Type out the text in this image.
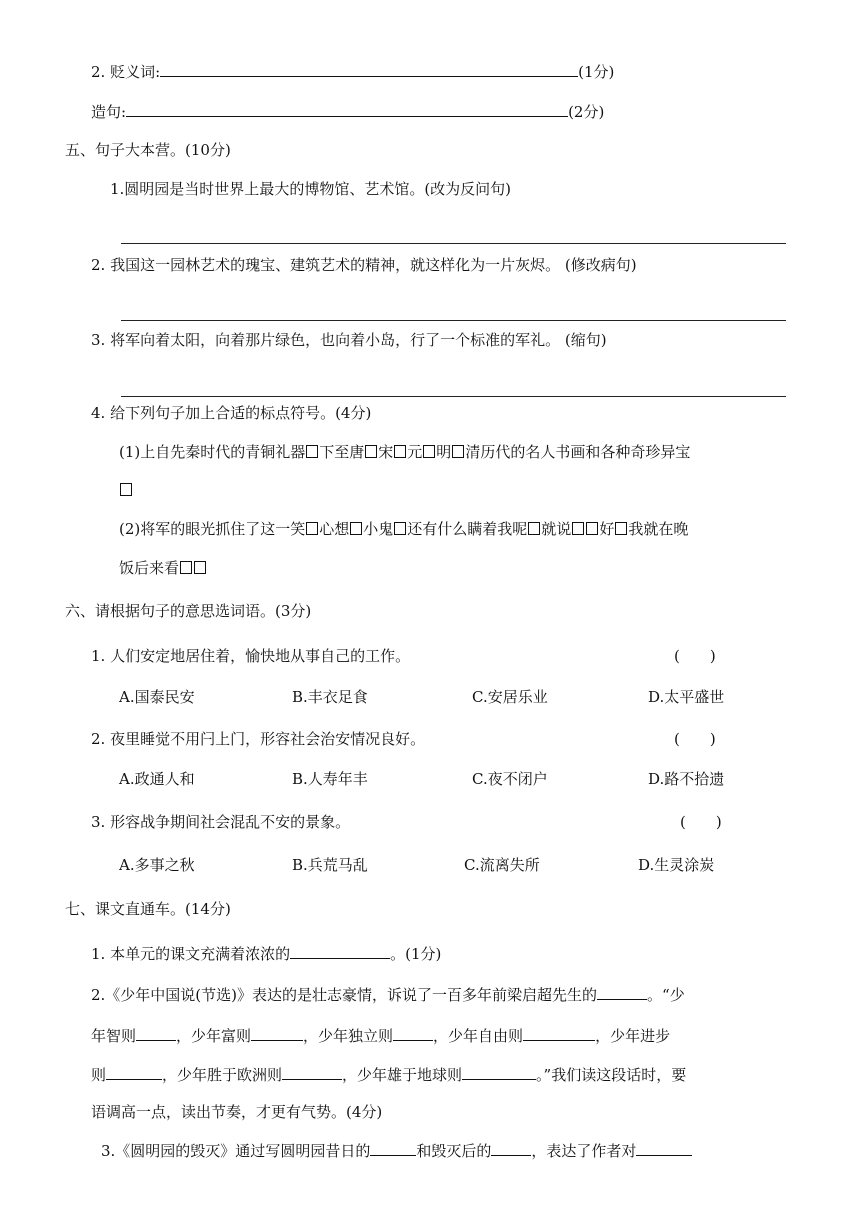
2. 贬义词:	(1分)
造句:	(2分)
五、句子大本营。(10分)
1.圆明园是当时世界上最大的博物馆、艺术馆。(改为反问句)
2. 我国这一园林艺术的瑰宝、建筑艺术的精神，就这样化为一片灰烬。 (修改病句)
3. 将军向着太阳，向着那片绿色，也向着小岛，行了一个标准的军礼。 (缩句)
4. 给下列句子加上合适的标点符号。(4分)
(1)上自先秦时代的青铜礼器 下至唐 宋 元 明 清历代的名人书画和各种奇珍异宝
(2)将军的眼光抓住了这一笑 心想 小鬼 还有什么瞒着我呢 就说 好 我就在晚
饭后来看
六、请根据句子的意思选词语。(3分)
1. 人们安定地居住着，愉快地从事自己的工作。	(　　)
A.国泰民安	B.丰衣足食	C.安居乐业	D.太平盛世
2. 夜里睡觉不用闩上门，形容社会治安情况良好。	(　　)
A.政通人和	B.人寿年丰	C.夜不闭户	D.路不拾遗
3. 形容战争期间社会混乱不安的景象。	(　　)
A.多事之秋	B.兵荒马乱	C.流离失所	D.生灵涂炭
七、课文直通车。(14分)
1. 本单元的课文充满着浓浓的	。(1分)
2.《少年中国说(节选)》表达的是壮志豪情，诉说了一百多年前梁启超先生的	。“少
年智则	，少年富则	，少年独立则	，少年自由则	，少年进步
则	，少年胜于欧洲则	，少年雄于地球则	。”我们读这段话时，要
语调高一点，读出节奏，才更有气势。(4分)
3.《圆明园的毁灭》通过写圆明园昔日的	和毁灭后的	，表达了作者对
